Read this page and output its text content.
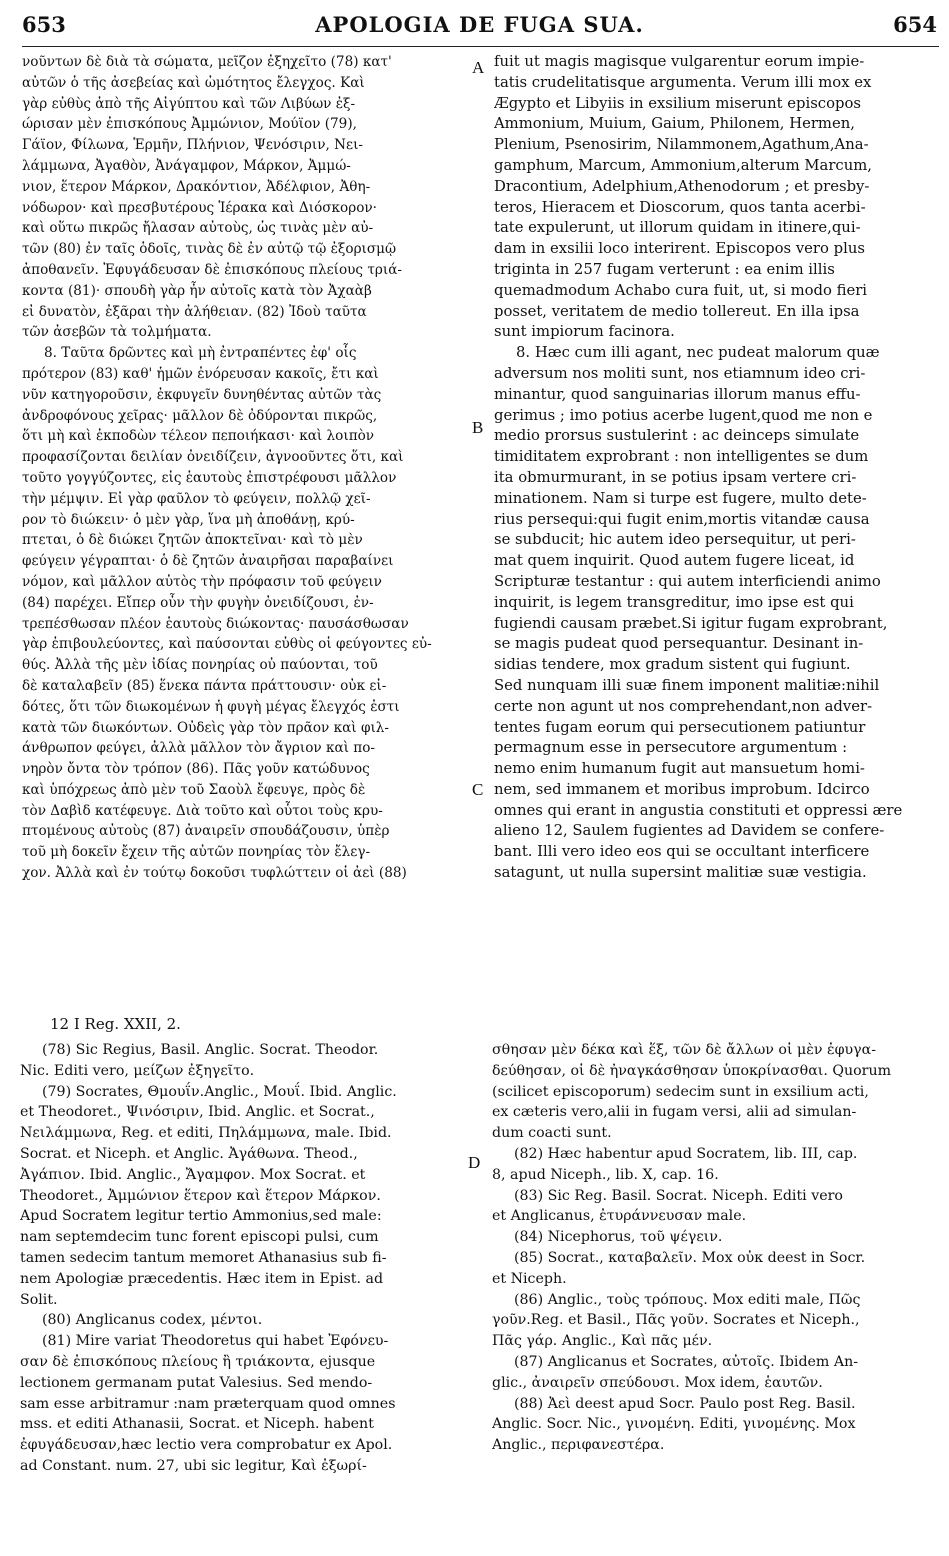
653	APOLOGIA DE FUGA SUA.	654
νοῦντων δὲ διὰ τὰ σώματα, μεῖζον ἐξηχεῖτο (78) κατ'
αὐτῶν ὁ τῆς ἀσεβείας καὶ ὠμότητος ἔλεγχος. Καὶ
γὰρ εὐθὺς ἀπὸ τῆς Αἰγύπτου καὶ τῶν Λιβύων ἐξ-
ώρισαν μὲν ἐπισκόπους Ἀμμώνιον, Μούϊον (79),
Γάϊον, Φίλωνα, Ἑρμῆν, Πλήνιον, Ψενόσιριν, Νει-
λάμμωνα, Ἀγαθὸν, Ἀνάγαμφον, Μάρκον, Ἀμμώ-
νιον, ἕτερον Μάρκον, Δρακόντιον, Ἀδέλφιον, Ἀθη-
νόδωρον· καὶ πρεσβυτέρους Ἱέρακα καὶ Διόσκορον·
καὶ οὕτω πικρῶς ἤλασαν αὐτοὺς, ὡς τινὰς μὲν αὐ-
τῶν (80) ἐν ταῖς ὁδοῖς, τινὰς δὲ ἐν αὐτῷ τῷ ἐξορισμῷ
ἀποθανεῖν. Ἐφυγάδευσαν δὲ ἐπισκόπους πλείους τριά-
κοντα (81)· σπουδὴ γὰρ ἦν αὐτοῖς κατὰ τὸν Ἀχαὰβ
εἰ δυνατὸν, ἐξᾶραι τὴν ἀλήθειαν. (82) Ἰδοὺ ταῦτα
τῶν ἀσεβῶν τὰ τολμήματα.
8. Ταῦτα δρῶντες καὶ μὴ ἐντραπέντες ἐφ' οἷς
πρότερον (83) καθ' ἡμῶν ἐνόρευσαν κακοῖς, ἔτι καὶ
νῦν κατηγοροῦσιν, ἐκφυγεῖν δυνηθέντας αὐτῶν τὰς
ἀνδροφόνους χεῖρας· μᾶλλον δὲ ὀδύρονται πικρῶς,
ὅτι μὴ καὶ ἐκποδὼν τέλεον πεποιήκασι· καὶ λοιπὸν
προφασίζονται δειλίαν ὀνειδίζειν, ἀγνοοῦντες ὅτι, καὶ
τοῦτο γογγύζοντες, εἰς ἑαυτοὺς ἐπιστρέφουσι μᾶλλον
τὴν μέμψιν. Εἰ γὰρ φαῦλον τὸ φεύγειν, πολλῷ χεῖ-
ρον τὸ διώκειν· ὁ μὲν γὰρ, ἵνα μὴ ἀποθάνῃ, κρύ-
πτεται, ὁ δὲ διώκει ζητῶν ἀποκτεῖναι· καὶ τὸ μὲν
φεύγειν γέγραπται· ὁ δὲ ζητῶν ἀναιρῆσαι παραβαίνει
νόμον, καὶ μᾶλλον αὐτὸς τὴν πρόφασιν τοῦ φεύγειν
(84) παρέχει. Εἴπερ οὖν τὴν φυγὴν ὀνειδίζουσι, ἐν-
τρεπέσθωσαν πλέον ἑαυτοὺς διώκοντας· παυσάσθωσαν
γὰρ ἐπιβουλεύοντες, καὶ παύσονται εὐθὺς οἱ φεύγοντες εὐ-
θύς. Ἀλλὰ τῆς μὲν ἰδίας πονηρίας οὐ παύονται, τοῦ
δὲ καταλαβεῖν (85) ἕνεκα πάντα πράττουσιν· οὐκ εἰ-
δότες, ὅτι τῶν διωκομένων ἡ φυγὴ μέγας ἔλεγχός ἐστι
κατὰ τῶν διωκόντων. Οὐδεὶς γὰρ τὸν πρᾶον καὶ φιλ-
άνθρωπον φεύγει, ἀλλὰ μᾶλλον τὸν ἄγριον καὶ πο-
νηρὸν ὄντα τὸν τρόπον (86). Πᾶς γοῦν κατώδυνος
καὶ ὑπόχρεως ἀπὸ μὲν τοῦ Σαοὺλ ἔφευγε, πρὸς δὲ
τὸν Δαβὶδ κατέφευγε. Διὰ τοῦτο καὶ οὗτοι τοὺς κρυ-
πτομένους αὐτοὺς (87) ἀναιρεῖν σπουδάζουσιν, ὑπὲρ
τοῦ μὴ δοκεῖν ἔχειν τῆς αὐτῶν πονηρίας τὸν ἔλεγ-
χον. Ἀλλὰ καὶ ἐν τούτῳ δοκοῦσι τυφλώττειν οἱ ἀεὶ (88)
fuit ut magis magisque vulgarentur eorum impie-
tatis crudelitatisque argumenta. Verum illi mox ex
Ægypto et Libyiis in exsilium miserunt episcopos
Ammonium, Muium, Gaium, Philonem, Hermen,
Plenium, Psenosirim, Nilammonem,Agathum,Ana-
gamphum, Marcum, Ammonium,alterum Marcum,
Dracontium, Adelphium,Athenodorum ; et presby-
teros, Hieracem et Dioscorum, quos tanta acerbi-
tate expulerunt, ut illorum quidam in itinere,qui-
dam in exsilii loco interirent. Episcopos vero plus
triginta in 257 fugam verterunt : ea enim illis
quemadmodum Achabo cura fuit, ut, si modo fieri
posset, veritatem de medio tollereut. En illa ipsa
sunt impiorum facinora.
8. Hæc cum illi agant, nec pudeat malorum quæ
adversum nos moliti sunt, nos etiamnum ideo cri-
minantur, quod sanguinarias illorum manus effu-
gerimus ; imo potius acerbe lugent,quod me non e
medio prorsus sustulerint : ac deinceps simulate
timiditatem exprobrant : non intelligentes se dum
ita obmurmurant, in se potius ipsam vertere cri-
minationem. Nam si turpe est fugere, multo dete-
rius persequi:qui fugit enim,mortis vitandæ causa
se subducit; hic autem ideo persequitur, ut peri-
mat quem inquirit. Quod autem fugere liceat, id
Scripturæ testantur : qui autem interficiendi animo
inquirit, is legem transgreditur, imo ipse est qui
fugiendi causam præbet.Si igitur fugam exprobrant,
se magis pudeat quod persequantur. Desinant in-
sidias tendere, mox gradum sistent qui fugiunt.
Sed nunquam illi suæ finem imponent malitiæ:nihil
certe non agunt ut nos comprehendant,non adver-
tentes fugam eorum qui persecutionem patiuntur
permagnum esse in persecutore argumentum :
nemo enim humanum fugit aut mansuetum homi-
nem, sed immanem et moribus improbum. Idcirco
omnes qui erant in angustia constituti et oppressi ære
alieno 12, Saulem fugientes ad Davidem se confere-
bant. Illi vero ideo eos qui se occultant interficere
satagunt, ut nulla supersint malitiæ suæ vestigia.
A
B
C
D
12 I Reg. XXII, 2.
(78) Sic Regius, Basil. Anglic. Socrat. Theodor.
Nic. Editi vero, μείζων ἐξηγεῖτο.
(79) Socrates, Θμουΐν.Anglic., Μουΐ. Ibid. Anglic.
et Theodoret., Ψινόσιριν, Ibid. Anglic. et Socrat.,
Νειλάμμωνα, Reg. et editi, Πηλάμμωνα, male. Ibid.
Socrat. et Niceph. et Anglic. Ἀγάθωνα. Theod.,
Ἀγάπιον. Ibid. Anglic., Ἄγαμφον. Mox Socrat. et
Theodoret., Ἀμμώνιον ἕτερον καὶ ἕτερον Μάρκον.
Apud Socratem legitur tertio Ammonius,sed male:
nam septemdecim tunc forent episcopi pulsi, cum
tamen sedecim tantum memoret Athanasius sub fi-
nem Apologiæ præcedentis. Hæc item in Epist. ad
Solit.
(80) Anglicanus codex, μέντοι.
(81) Mire variat Theodoretus qui habet Ἐφόνευ-
σαν δὲ ἐπισκόπους πλείους ἢ τριάκοντα, ejusque
lectionem germanam putat Valesius. Sed mendo-
sam esse arbitramur :nam præterquam quod omnes
mss. et editi Athanasii, Socrat. et Niceph. habent
ἐφυγάδευσαν,hæc lectio vera comprobatur ex Apol.
ad Constant. num. 27, ubi sic legitur, Καὶ ἐξωρί-
σθησαν μὲν δέκα καὶ ἕξ, τῶν δὲ ἄλλων οἱ μὲν ἐφυγα-
δεύθησαν, οἱ δὲ ἠναγκάσθησαν ὑποκρίνασθαι. Quorum
(scilicet episcoporum) sedecim sunt in exsilium acti,
ex cæteris vero,alii in fugam versi, alii ad simulan-
dum coacti sunt.
(82) Hæc habentur apud Socratem, lib. III, cap.
8, apud Niceph., lib. X, cap. 16.
(83) Sic Reg. Basil. Socrat. Niceph. Editi vero
et Anglicanus, ἐτυράννευσαν male.
(84) Nicephorus, τοῦ ψέγειν.
(85) Socrat., καταβαλεῖν. Mox οὐκ deest in Socr.
et Niceph.
(86) Anglic., τοὺς τρόπους. Mox editi male, Πῶς
γοῦν.Reg. et Basil., Πᾶς γοῦν. Socrates et Niceph.,
Πᾶς γάρ. Anglic., Καὶ πᾶς μέν.
(87) Anglicanus et Socrates, αὐτοῖς. Ibidem An-
glic., ἀναιρεῖν σπεύδουσι. Mox idem, ἑαυτῶν.
(88) Ἀεὶ deest apud Socr. Paulo post Reg. Basil.
Anglic. Socr. Nic., γινομένη. Editi, γινομένης. Mox
Anglic., περιφανεστέρα.
